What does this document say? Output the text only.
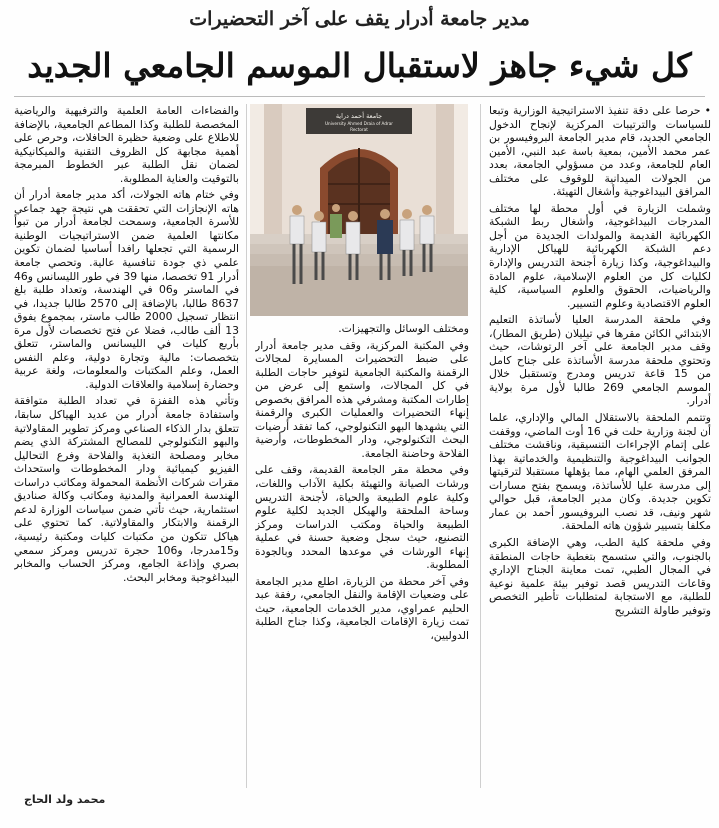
مدير جامعة أدرار يقف على آخر التحضيرات
كل شيء جاهز لاستقبال الموسم الجامعي الجديد

• حرصا على دقة تنفيذ الاستراتيجية الوزارية وتبعا للسياسات والترتيبات المركزية لإنجاح الدخول الجامعي الجديد، قام مدير الجامعة البروفيسور بن عمر محمد الأمين، بمعية باسة عبد النبي، الأمين العام للجامعة، وعدد من مسؤولي الجامعة، بعدد من الجولات الميدانية للوقوف على مختلف المرافق البيداغوجية وأشغال التهيئة.

وشملت الزيارة في أول محطة لها مختلف المدرجات البيداغوجية، وأشغال ربط الشبكة الكهربائية القديمة والمولدات الجديدة من أجل دعم الشبكة الكهربائية للهياكل الإدارية والبيداغوجية، وكذا زيارة أجنحة التدريس والإدارة لكليات كل من العلوم الإسلامية، علوم المادة والرياضيات، الحقوق والعلوم السياسية، كلية العلوم الاقتصادية وعلوم التسيير.

وفي ملحقة المدرسة العليا لأساتذة التعليم الابتدائي الكائن مقرها في تيليلان (طريق المطار)، وقف مدير الجامعة على آخر الرتوشات، حيث وتحتوي ملحقة مدرسة الأساتذة على جناح كامل من 15 قاعة تدريس ومدرج وتستقبل خلال الموسم الجامعي 269 طالبا لأول مرة بولاية أدرار.

وتتمم الملحقة بالاستقلال المالي والإداري، علما أن لجنة وزارية حلت في 16 أوت الماضي، ووقفت على إتمام الإجراءات التنسيقية، وناقشت مختلف الجوانب البيداغوجية والتنظيمية والخدماتية بهذا المرفق العلمي الهام، مما يؤهلها مستقبلا لترقيتها إلى مدرسة عليا للأساتذة، ويسمح بفتح مسارات تكوين جديدة. وكان مدير الجامعة، قبل حوالي شهر ونيف، قد نصب البروفيسور أحمد بن عمار مكلفا بتسيير شؤون هاته الملحقة.

وفي ملحقة كلية الطب، وهي الإضافة الكبرى بالجنوب، والتي ستسمح بتغطية حاجات المنطقة في المجال الطبي، تمت معاينة الجناح الإداري وقاعات التدريس قصد توفير بيئة علمية نوعية للطلبة، مع الاستجابة لمتطلبات تأطير التخصص وتوفير طاولة التشريح

جامعة أحمد دراية
University Ahmed Draia of Adrar
Rectorat

ومختلف الوسائل والتجهيزات.

وفي المكتبة المركزية، وقف مدير جامعة أدرار على ضبط التحضيرات المسايرة لمجالات الرقمنة والمكتبة الجامعية لتوفير حاجات الطلبة في كل المجالات، واستمع إلى عرض من إطارات المكتبة ومشرفي هذه المرافق بخصوص إنهاء التحضيرات والعمليات الكبرى والرقمنة التي يشهدها البهو التكنولوجي، كما تفقد أرضيات البحث التكنولوجي، ودار المخطوطات، وأرضية الفلاحة وحاضنة الجامعة.

وفي محطة مقر الجامعة القديمة، وقف على ورشات الصيانة والتهيئة بكلية الآداب واللغات، وكلية علوم الطبيعة والحياة، لأجنحة التدريس وساحة الملحقة والهيكل الجديد لكلية علوم الطبيعة والحياة ومكتب الدراسات ومركز التصنيع، حيث سجل وضعية حسنة في عملية إنهاء الورشات في موعدها المحدد وبالجودة المطلوبة.

وفي آخر محطة من الزيارة، اطلع مدير الجامعة على وضعيات الإقامة والنقل الجامعي، رفقة عبد الحليم عمراوي، مدير الخدمات الجامعية، حيث تمت زيارة الإقامات الجامعية، وكذا جناح الطلبة الدوليين،

والفضاءات العامة العلمية والترفيهية والرياضية المخصصة للطلبة وكذا المطاعم الجامعية، بالإضافة للاطلاع على وضعية حظيرة الحافلات، وحرص على أهمية مجابهة كل الظروف التقنية والميكانيكية لضمان نقل الطلبة عبر الخطوط المبرمجة بالتوقيت والعناية المطلوبة.

وفي ختام هاته الجولات، أكد مدير جامعة أدرار أن هاته الإنجازات التي تحققت هي نتيجة جهد جماعي للأسرة الجامعية، وسمحت لجامعة أدرار من تبوأ مكانتها العلمية ضمن الاستراتيجيات الوطنية الرسمية التي تجعلها رافدا أساسيا لضمان تكوين علمي ذي جودة تنافسية عالية. وتحصي جامعة أدرار 91 تخصصا، منها 39 في طور الليسانس و46 في الماستر و06 في الهندسة، وتعداد طلبة بلغ 8637 طالبا، بالإضافة إلى 2570 طالبا جديدا، في انتظار تسجيل 2000 طالب ماستر، بمجموع يفوق 13 ألف طالب، فضلا عن فتح تخصصات لأول مرة بأربع كليات في الليسانس والماستر، تتعلق بتخصصات: مالية وتجارة دولية، وعلم النفس العمل، وعلم المكتبات والمعلومات، ولغة عربية وحضارة إسلامية والعلاقات الدولية.

وتأتي هذه القفزة في تعداد الطلبة متوافقة واستفادة جامعة أدرار من عديد الهياكل سابقا، تتعلق بدار الذكاء الصناعي ومركز تطوير المقاولاتية والبهو التكنولوجي للمصالح المشتركة الذي يضم مخابر ومصلحة التغذية والفلاحة وفرع التحاليل الفيزيو كيميائية ودار المخطوطات واستحداث مقرات شركات الأنظمة المحمولة ومكاتب دراسات الهندسة العمرانية والمدنية ومكاتب وكالة صناديق استثمارية، حيث تأتي ضمن سياسات الوزارة لدعم الرقمنة والابتكار والمقاولاتية. كما تحتوي على هياكل تتكون من مكتبات كليات ومكتبة رئيسية، و15مدرجا، و106 حجرة تدريس ومركز سمعي بصري وإذاعة الجامع، ومركز الحساب والمخابر البيداغوجية ومخابر البحث.

محمد ولد الحاج
